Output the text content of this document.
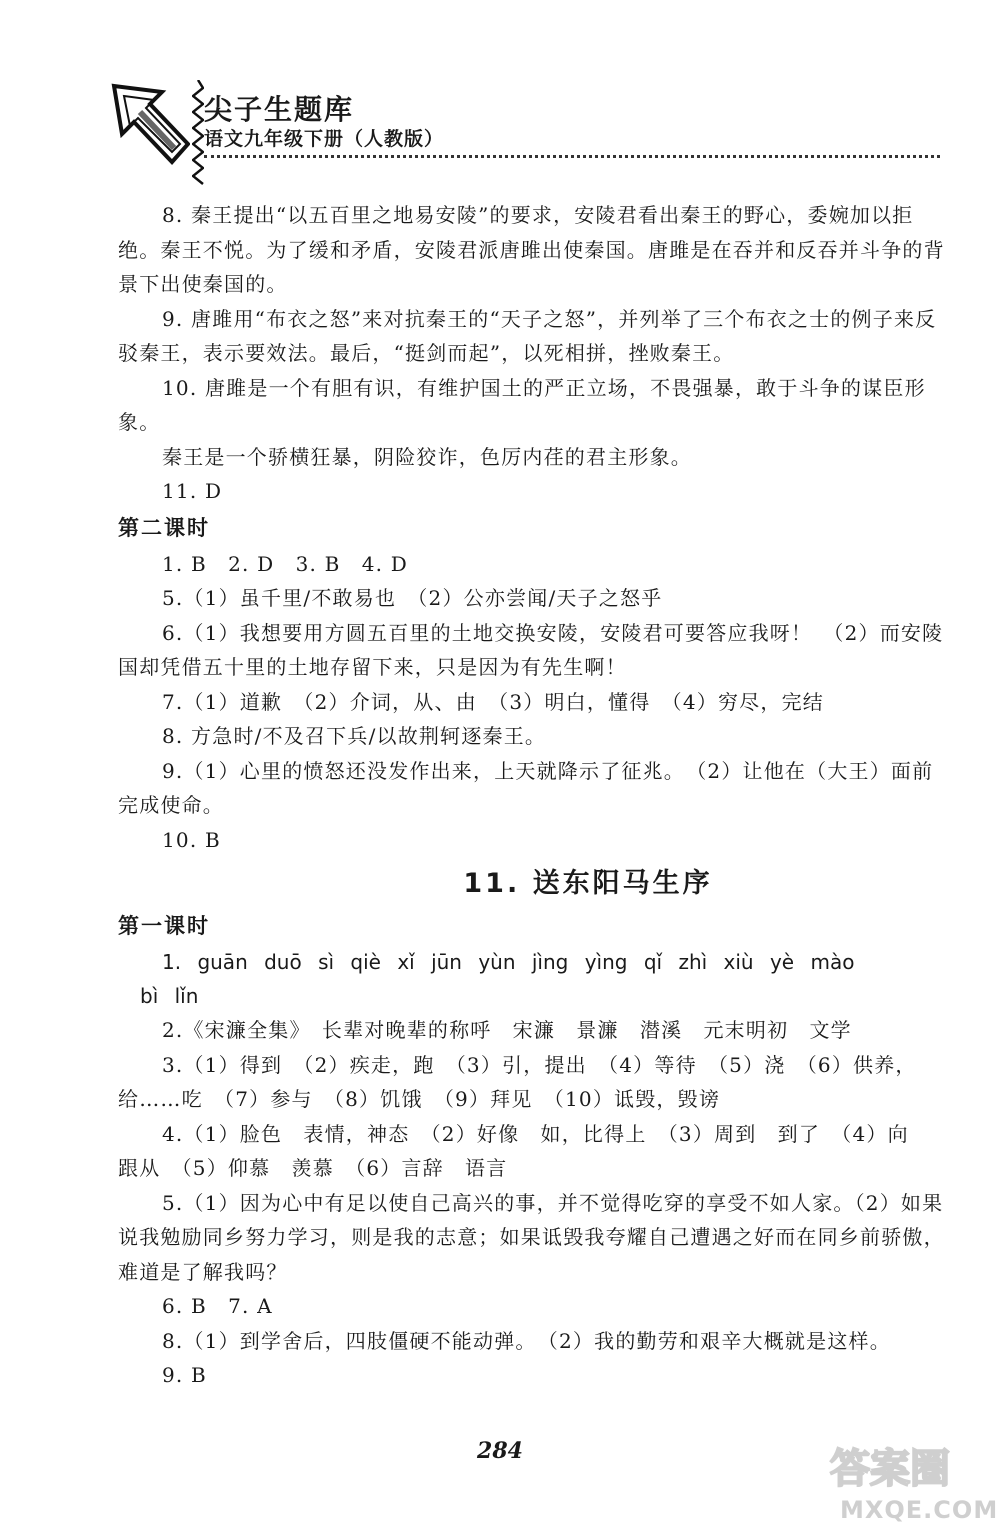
尖子生题库
语文九年级下册（人教版）

8. 秦王提出“以五百里之地易安陵”的要求，安陵君看出秦王的野心，委婉加以拒绝。秦王不悦。为了缓和矛盾，安陵君派唐雎出使秦国。唐雎是在吞并和反吞并斗争的背景下出使秦国的。

9. 唐雎用“布衣之怒”来对抗秦王的“天子之怒”，并列举了三个布衣之士的例子来反驳秦王，表示要效法。最后，“挺剑而起”，以死相拼，挫败秦王。

10. 唐雎是一个有胆有识，有维护国土的严正立场，不畏强暴，敢于斗争的谋臣形象。

秦王是一个骄横狂暴，阴险狡诈，色厉内荏的君主形象。

11. D

第二课时

1. B　2. D　3. B　4. D

5.（1）虽千里/不敢易也　（2）公亦尝闻/天子之怒乎

6.（1）我想要用方圆五百里的土地交换安陵，安陵君可要答应我呀！　（2）而安陵国却凭借五十里的土地存留下来，只是因为有先生啊！

7.（1）道歉　（2）介词，从、由　（3）明白，懂得　（4）穷尽，完结

8. 方急时/不及召下兵/以故荆轲逐秦王。

9.（1）心里的愤怒还没发作出来，上天就降示了征兆。　（2）让他在（大王）面前完成使命。

10. B

11. 送东阳马生序

第一课时

1. guān duō sì qiè xǐ jūn yùn jìng yìng qǐ zhì xiù yè mào

bì lǐn

2.《宋濂全集》　长辈对晚辈的称呼　宋濂　景濂　潜溪　元末明初　文学

3.（1）得到　（2）疾走，跑　（3）引，提出　（4）等待　（5）浇　（6）供养，给……吃　（7）参与　（8）饥饿　（9）拜见　（10）诋毁，毁谤

4.（1）脸色　表情，神态　（2）好像　如，比得上　（3）周到　到了　（4）向　跟从　（5）仰慕　羡慕　（6）言辞　语言

5.（1）因为心中有足以使自己高兴的事，并不觉得吃穿的享受不如人家。（2）如果说我勉励同乡努力学习，则是我的志意；如果诋毁我夸耀自己遭遇之好而在同乡前骄傲，难道是了解我吗？

6. B　7. A

8.（1）到学舍后，四肢僵硬不能动弹。　（2）我的勤劳和艰辛大概就是这样。

9. B

284	答案圈
MXQE.COM
